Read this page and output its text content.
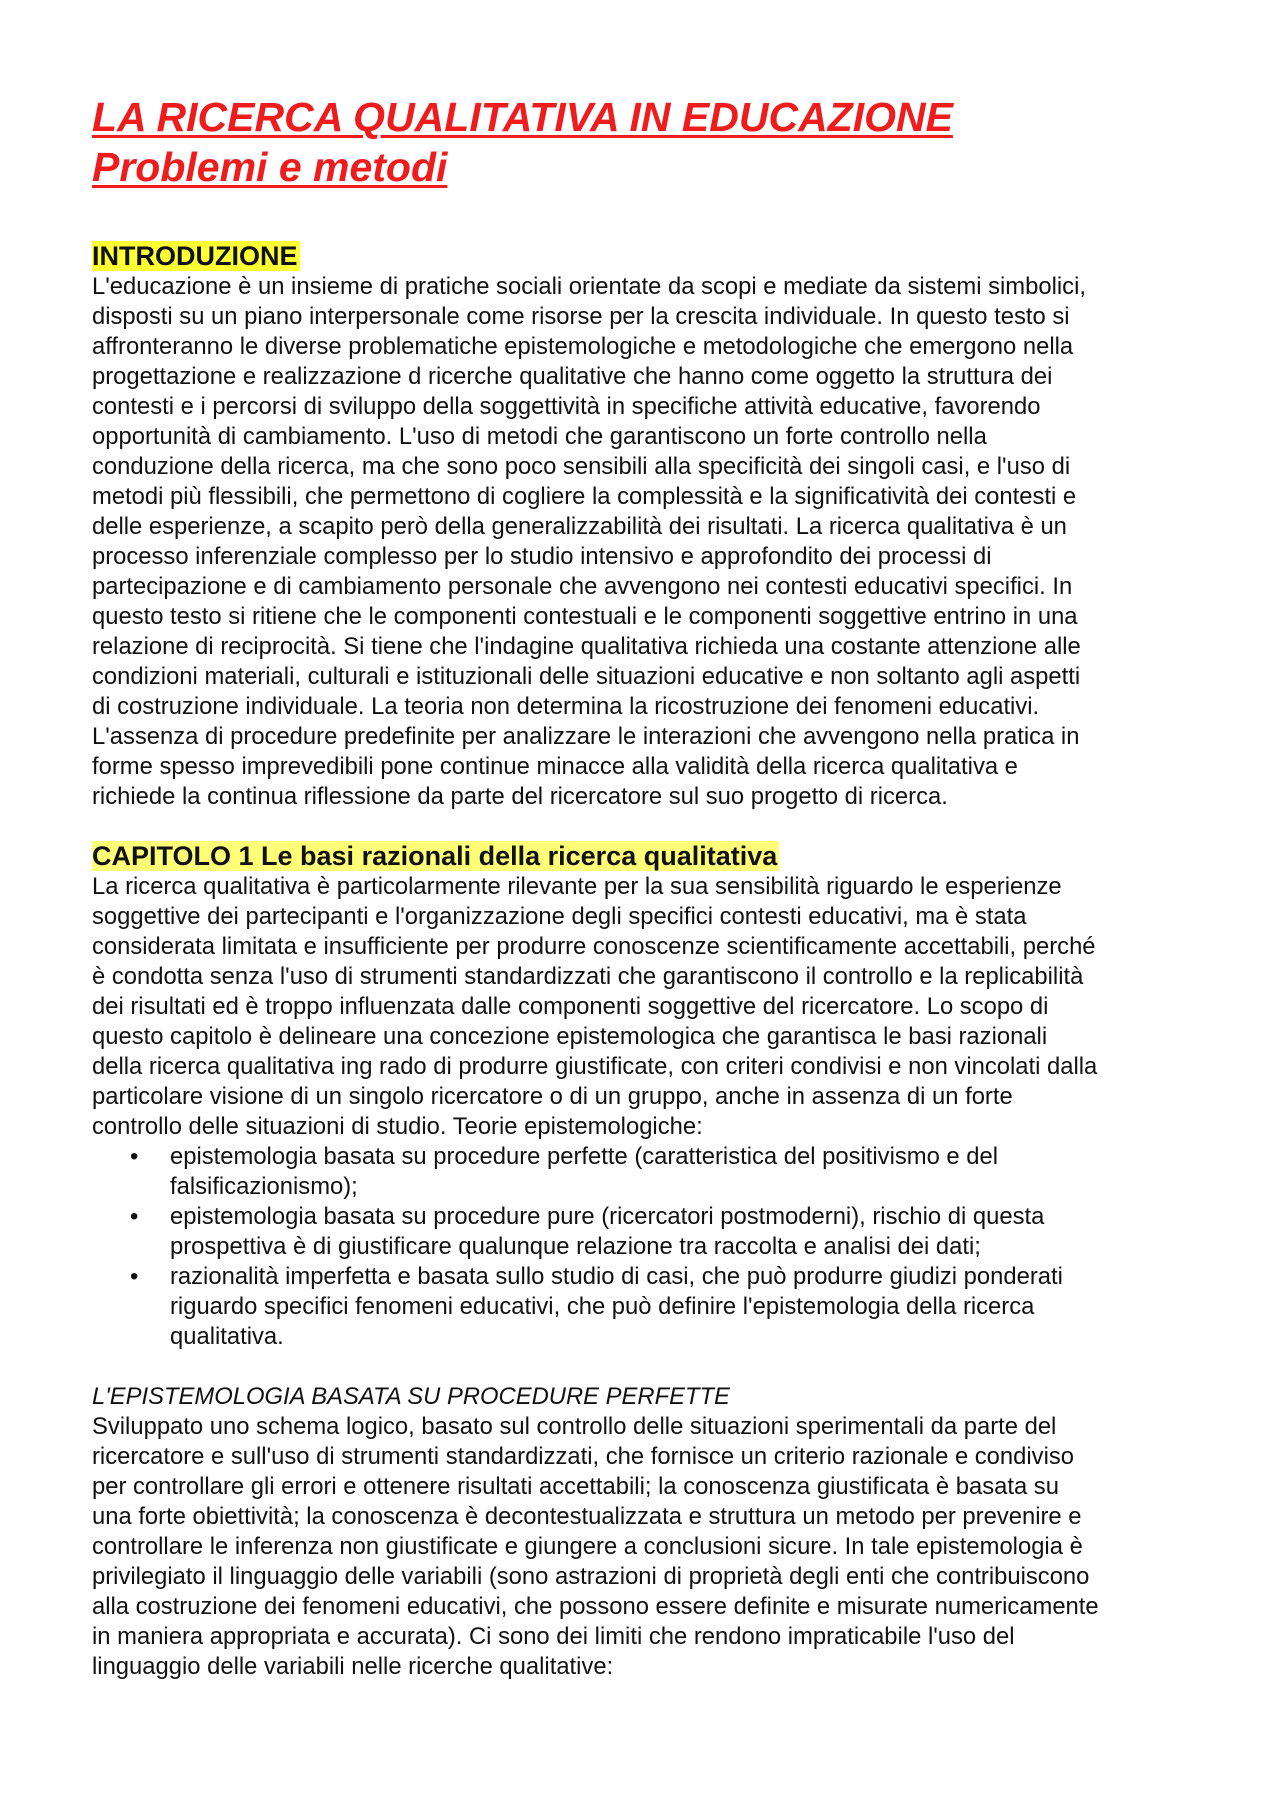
LA RICERCA QUALITATIVA IN EDUCAZIONE
Problemi e metodi
INTRODUZIONE

L'educazione è un insieme di pratiche sociali orientate da scopi e mediate da sistemi simbolici,
disposti su un piano interpersonale come risorse per la crescita individuale. In questo testo si
affronteranno le diverse problematiche epistemologiche e metodologiche che emergono nella
progettazione e realizzazione d ricerche qualitative che hanno come oggetto la struttura dei
contesti e i percorsi di sviluppo della soggettività in specifiche attività educative, favorendo
opportunità di cambiamento. L'uso di metodi che garantiscono un forte controllo nella
conduzione della ricerca, ma che sono poco sensibili alla specificità dei singoli casi, e l'uso di
metodi più flessibili, che permettono di cogliere la complessità e la significatività dei contesti e
delle esperienze, a scapito però della generalizzabilità dei risultati. La ricerca qualitativa è un
processo inferenziale complesso per lo studio intensivo e approfondito dei processi di
partecipazione e di cambiamento personale che avvengono nei contesti educativi specifici. In
questo testo si ritiene che le componenti contestuali e le componenti soggettive entrino in una
relazione di reciprocità. Si tiene che l'indagine qualitativa richieda una costante attenzione alle
condizioni materiali, culturali e istituzionali delle situazioni educative e non soltanto agli aspetti
di costruzione individuale. La teoria non determina la ricostruzione dei fenomeni educativi.
L'assenza di procedure predefinite per analizzare le interazioni che avvengono nella pratica in
forme spesso imprevedibili pone continue minacce alla validità della ricerca qualitativa e
richiede la continua riflessione da parte del ricercatore sul suo progetto di ricerca.

CAPITOLO 1 Le basi razionali della ricerca qualitativa

La ricerca qualitativa è particolarmente rilevante per la sua sensibilità riguardo le esperienze
soggettive dei partecipanti e l'organizzazione degli specifici contesti educativi, ma è stata
considerata limitata e insufficiente per produrre conoscenze scientificamente accettabili, perché
è condotta senza l'uso di strumenti standardizzati che garantiscono il controllo e la replicabilità
dei risultati ed è troppo influenzata dalle componenti soggettive del ricercatore. Lo scopo di
questo capitolo è delineare una concezione epistemologica che garantisca le basi razionali
della ricerca qualitativa ing rado di produrre giustificate, con criteri condivisi e non vincolati dalla
particolare visione di un singolo ricercatore o di un gruppo, anche in assenza di un forte
controllo delle situazioni di studio. Teorie epistemologiche:

• epistemologia basata su procedure perfette (caratteristica del positivismo e del
falsificazionismo);
• epistemologia basata su procedure pure (ricercatori postmoderni), rischio di questa
prospettiva è di giustificare qualunque relazione tra raccolta e analisi dei dati;
• razionalità imperfetta e basata sullo studio di casi, che può produrre giudizi ponderati
riguardo specifici fenomeni educativi, che può definire l'epistemologia della ricerca
qualitativa.

L'EPISTEMOLOGIA BASATA SU PROCEDURE PERFETTE

Sviluppato uno schema logico, basato sul controllo delle situazioni sperimentali da parte del
ricercatore e sull'uso di strumenti standardizzati, che fornisce un criterio razionale e condiviso
per controllare gli errori e ottenere risultati accettabili; la conoscenza giustificata è basata su
una forte obiettività; la conoscenza è decontestualizzata e struttura un metodo per prevenire e
controllare le inferenza non giustificate e giungere a conclusioni sicure. In tale epistemologia è
privilegiato il linguaggio delle variabili (sono astrazioni di proprietà degli enti che contribuiscono
alla costruzione dei fenomeni educativi, che possono essere definite e misurate numericamente
in maniera appropriata e accurata). Ci sono dei limiti che rendono impraticabile l'uso del
linguaggio delle variabili nelle ricerche qualitative:
